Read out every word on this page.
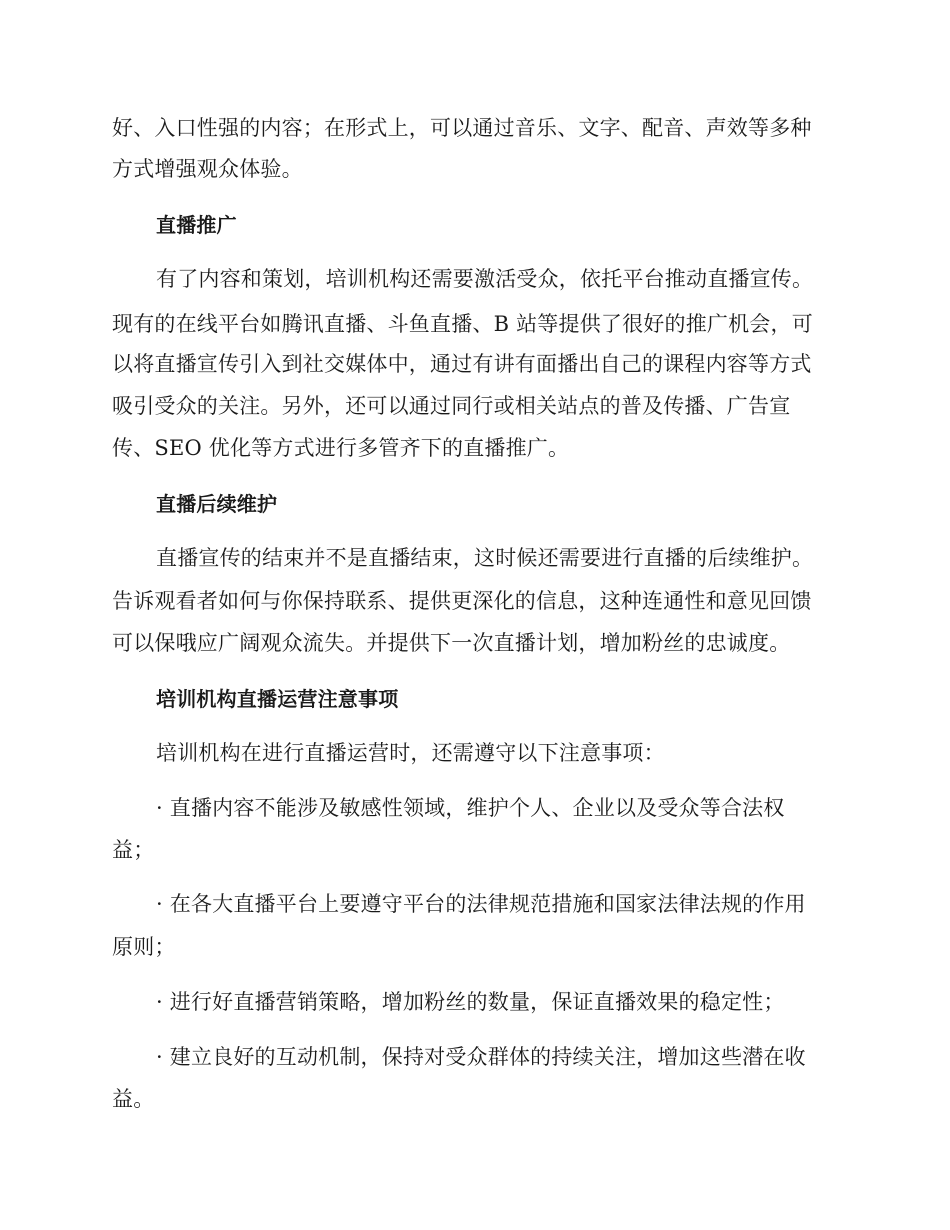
好、入口性强的内容；在形式上，可以通过音乐、文字、配音、声效等多种
方式增强观众体验。
直播推广
有了内容和策划，培训机构还需要激活受众，依托平台推动直播宣传。
现有的在线平台如腾讯直播、斗鱼直播、B 站等提供了很好的推广机会，可
以将直播宣传引入到社交媒体中，通过有讲有面播出自己的课程内容等方式
吸引受众的关注。另外，还可以通过同行或相关站点的普及传播、广告宣
传、SEO 优化等方式进行多管齐下的直播推广。
直播后续维护
直播宣传的结束并不是直播结束，这时候还需要进行直播的后续维护。
告诉观看者如何与你保持联系、提供更深化的信息，这种连通性和意见回馈
可以保哦应广阔观众流失。并提供下一次直播计划，增加粉丝的忠诚度。
培训机构直播运营注意事项
培训机构在进行直播运营时，还需遵守以下注意事项：
· 直播内容不能涉及敏感性领域，维护个人、企业以及受众等合法权
益；
· 在各大直播平台上要遵守平台的法律规范措施和国家法律法规的作用
原则；
· 进行好直播营销策略，增加粉丝的数量，保证直播效果的稳定性；
· 建立良好的互动机制，保持对受众群体的持续关注，增加这些潜在收
益。
